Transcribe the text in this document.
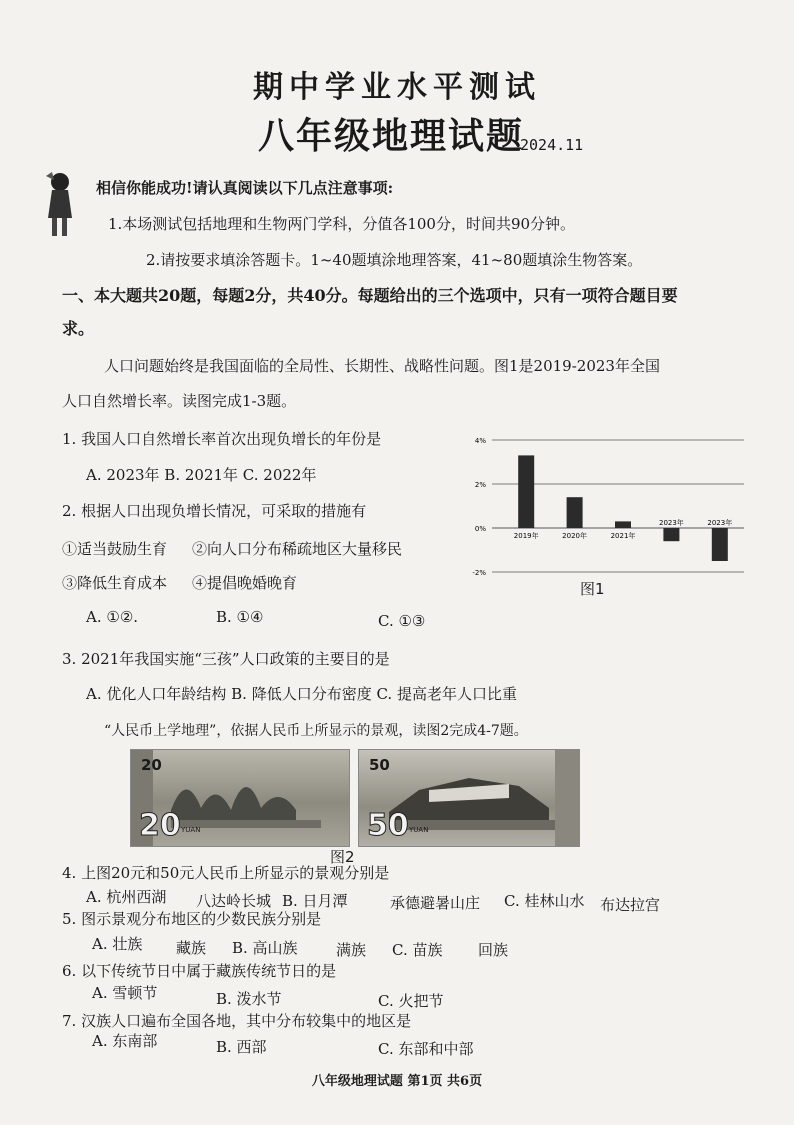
期中学业水平测试
八年级地理试题
2024.11
相信你能成功!请认真阅读以下几点注意事项:
1.本场测试包括地理和生物两门学科，分值各100分，时间共90分钟。
2.请按要求填涂答题卡。1~40题填涂地理答案，41~80题填涂生物答案。
一、本大题共20题，每题2分，共40分。每题给出的三个选项中，只有一项符合题目要
求。
人口问题始终是我国面临的全局性、长期性、战略性问题。图1是2019-2023年全国
人口自然增长率。读图完成1-3题。
1. 我国人口自然增长率首次出现负增长的年份是
A. 2023年 B. 2021年 C. 2022年
2. 根据人口出现负增长情况，可采取的措施有
①适当鼓励生育 ②向人口分布稀疏地区大量移民
③降低生育成本 ④提倡晚婚晚育
A. ①②.	B. ①④	C. ①③
4%
2%
0%
-2%
2019年	2020年	2021年
2023年	2023年
图1
3. 2021年我国实施“三孩”人口政策的主要目的是
A. 优化人口年龄结构 B. 降低人口分布密度 C. 提高老年人口比重
“人民币上学地理”，依据人民币上所显示的景观，读图2完成4-7题。
20
20 YUAN
50
50 YUAN
图2
4. 上图20元和50元人民币上所显示的景观分别是
A. 杭州西湖 八达岭长城 B. 日月潭	承德避暑山庄 C. 桂林山水 布达拉宫
5. 图示景观分布地区的少数民族分别是
A. 壮族 藏族 B. 高山族	满族 C. 苗族 回族
6. 以下传统节日中属于藏族传统节日的是
A. 雪顿节	B. 泼水节	C. 火把节
7. 汉族人口遍布全国各地，其中分布较集中的地区是
A. 东南部	B. 西部	C. 东部和中部
八年级地理试题 第1页 共6页
